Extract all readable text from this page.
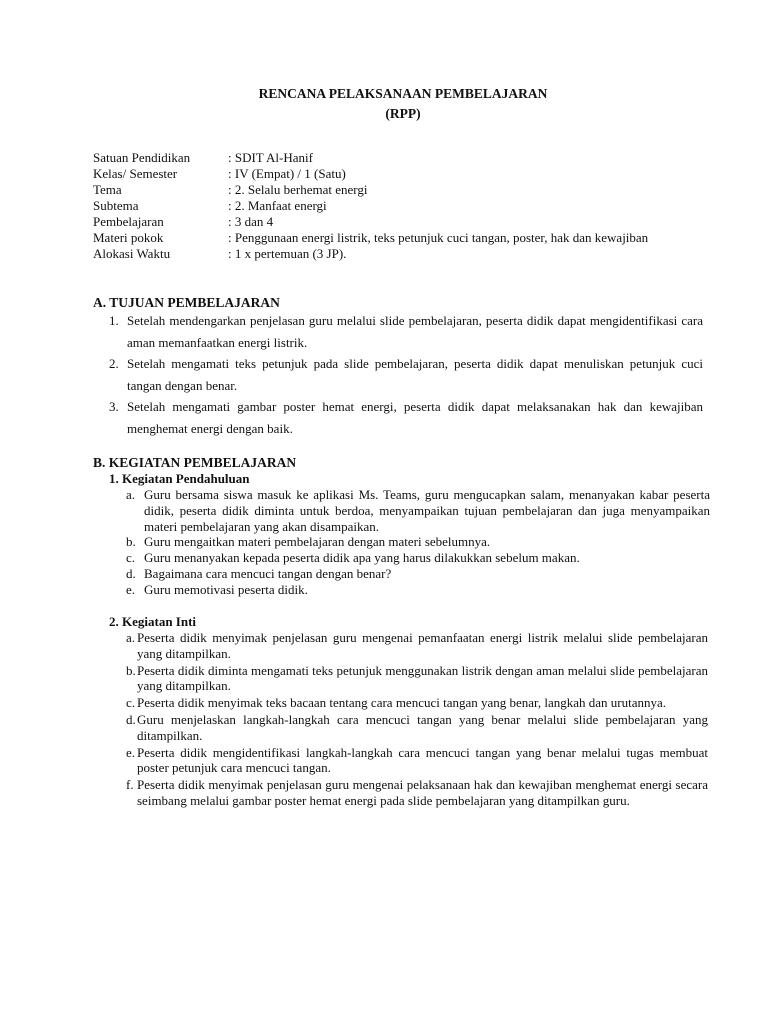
RENCANA PELAKSANAAN PEMBELAJARAN
(RPP)
Satuan Pendidikan	: SDIT Al-Hanif
Kelas/ Semester	: IV (Empat) / 1 (Satu)
Tema	: 2. Selalu berhemat energi
Subtema	: 2. Manfaat energi
Pembelajaran	: 3 dan 4
Materi pokok	: Penggunaan energi listrik, teks petunjuk cuci tangan, poster, hak dan kewajiban
Alokasi Waktu	: 1 x pertemuan (3 JP).
A. TUJUAN PEMBELAJARAN
1. Setelah mendengarkan penjelasan guru melalui slide pembelajaran, peserta didik dapat mengidentifikasi cara aman memanfaatkan energi listrik.
2. Setelah mengamati teks petunjuk pada slide pembelajaran, peserta didik dapat menuliskan petunjuk cuci tangan dengan benar.
3. Setelah mengamati gambar poster hemat energi, peserta didik dapat melaksanakan hak dan kewajiban menghemat energi dengan baik.
B. KEGIATAN PEMBELAJARAN
1. Kegiatan Pendahuluan
a. Guru bersama siswa masuk ke aplikasi Ms. Teams, guru mengucapkan salam, menanyakan kabar peserta didik, peserta didik diminta untuk berdoa, menyampaikan tujuan pembelajaran dan juga menyampaikan materi pembelajaran yang akan disampaikan.
b. Guru mengaitkan materi pembelajaran dengan materi sebelumnya.
c. Guru menanyakan kepada peserta didik apa yang harus dilakukkan sebelum makan.
d. Bagaimana cara mencuci tangan dengan benar?
e. Guru memotivasi peserta didik.
2. Kegiatan Inti
a. Peserta didik menyimak penjelasan guru mengenai pemanfaatan energi listrik melalui slide pembelajaran yang ditampilkan.
b. Peserta didik diminta mengamati teks petunjuk menggunakan listrik dengan aman melalui slide pembelajaran yang ditampilkan.
c. Peserta didik menyimak teks bacaan tentang cara mencuci tangan yang benar, langkah dan urutannya.
d. Guru menjelaskan langkah-langkah cara mencuci tangan yang benar melalui slide pembelajaran yang ditampilkan.
e. Peserta didik mengidentifikasi langkah-langkah cara mencuci tangan yang benar melalui tugas membuat poster petunjuk cara mencuci tangan.
f. Peserta didik menyimak penjelasan guru mengenai pelaksanaan hak dan kewajiban menghemat energi secara seimbang melalui gambar poster hemat energi pada slide pembelajaran yang ditampilkan guru.
